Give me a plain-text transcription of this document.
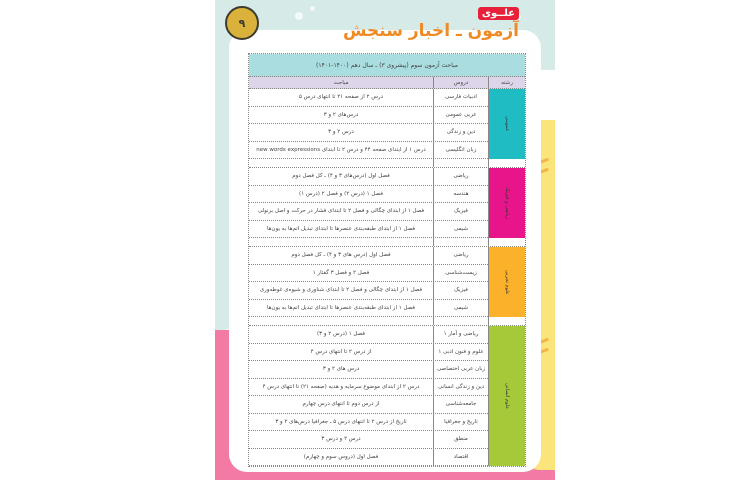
۹
علــوی
آزمون ـ اخبار سنجش
مباحث آزمون سوم (پیشروی ۳) ـ سال دهم (۱۴۰۰-۱۴۰۱)
رشته
دروس
مباحث
عمومی
ادبیات فارسی
درس ۲ از صفحه ۲۱ تا انتهای درس ۵
عربی عمومی
درس‌های ۲ و ۳
دین و زندگی
درس ۲ و ۳
زبان انگلیسی
درس ۱ از ابتدای صفحه ۴۴ و درس ۲ تا ابتدای new words expressions
ریاضی و فیزیک
ریاضی
فصل اول (درس‌های ۳ و ۴) ـ کل فصل دوم
هندسه
فصل ۱ (درس ۲) و فصل ۲ (درس ۱)
فیزیک
فصل ۱ از ابتدای چگالی و فصل ۲ تا ابتدای فشار در حرکت و اصل برنولی
شیمی
فصل ۱ از ابتدای طبقه‌بندی عنصرها تا ابتدای تبدیل اتم‌ها به یون‌ها
علوم تجربی
ریاضی
فصل اول (درس های ۳ و ۴) ـ کل فصل دوم
زیست‌شناسی
فصل ۲ و فصل ۳ گفتار ۱
فیزیک
فصل ۱ از ابتدای چگالی و فصل ۲ تا ابتدای شناوری و شیوه‌ی غوطه‌وری
شیمی
فصل ۱ از ابتدای طبقه‌بندی عنصرها تا ابتدای تبدیل اتم‌ها به یون‌ها
علوم انسانی
ریاضی و آمار ۱
فصل ۱ (درس ۲ و ۳)
علوم و فنون ادبی ۱
از درس ۲ تا انتهای درس ۴
زبان عربی اختصاصی
درس های ۲ و ۳
دین و زندگی انسانی
درس ۲ از ابتدای موضوع سرمایه و هدیه (صفحه ۲۱) تا انتهای درس ۴
جامعه‌شناسی
از درس دوم تا انتهای درس چهارم
تاریخ و جغرافیا
تاریخ از درس ۲ تا انتهای درس ۵ ـ جغرافیا درس‌های ۲ و ۳
منطق
درس ۲ و درس ۳
اقتصاد
فصل اول (دروس سوم و چهارم)
